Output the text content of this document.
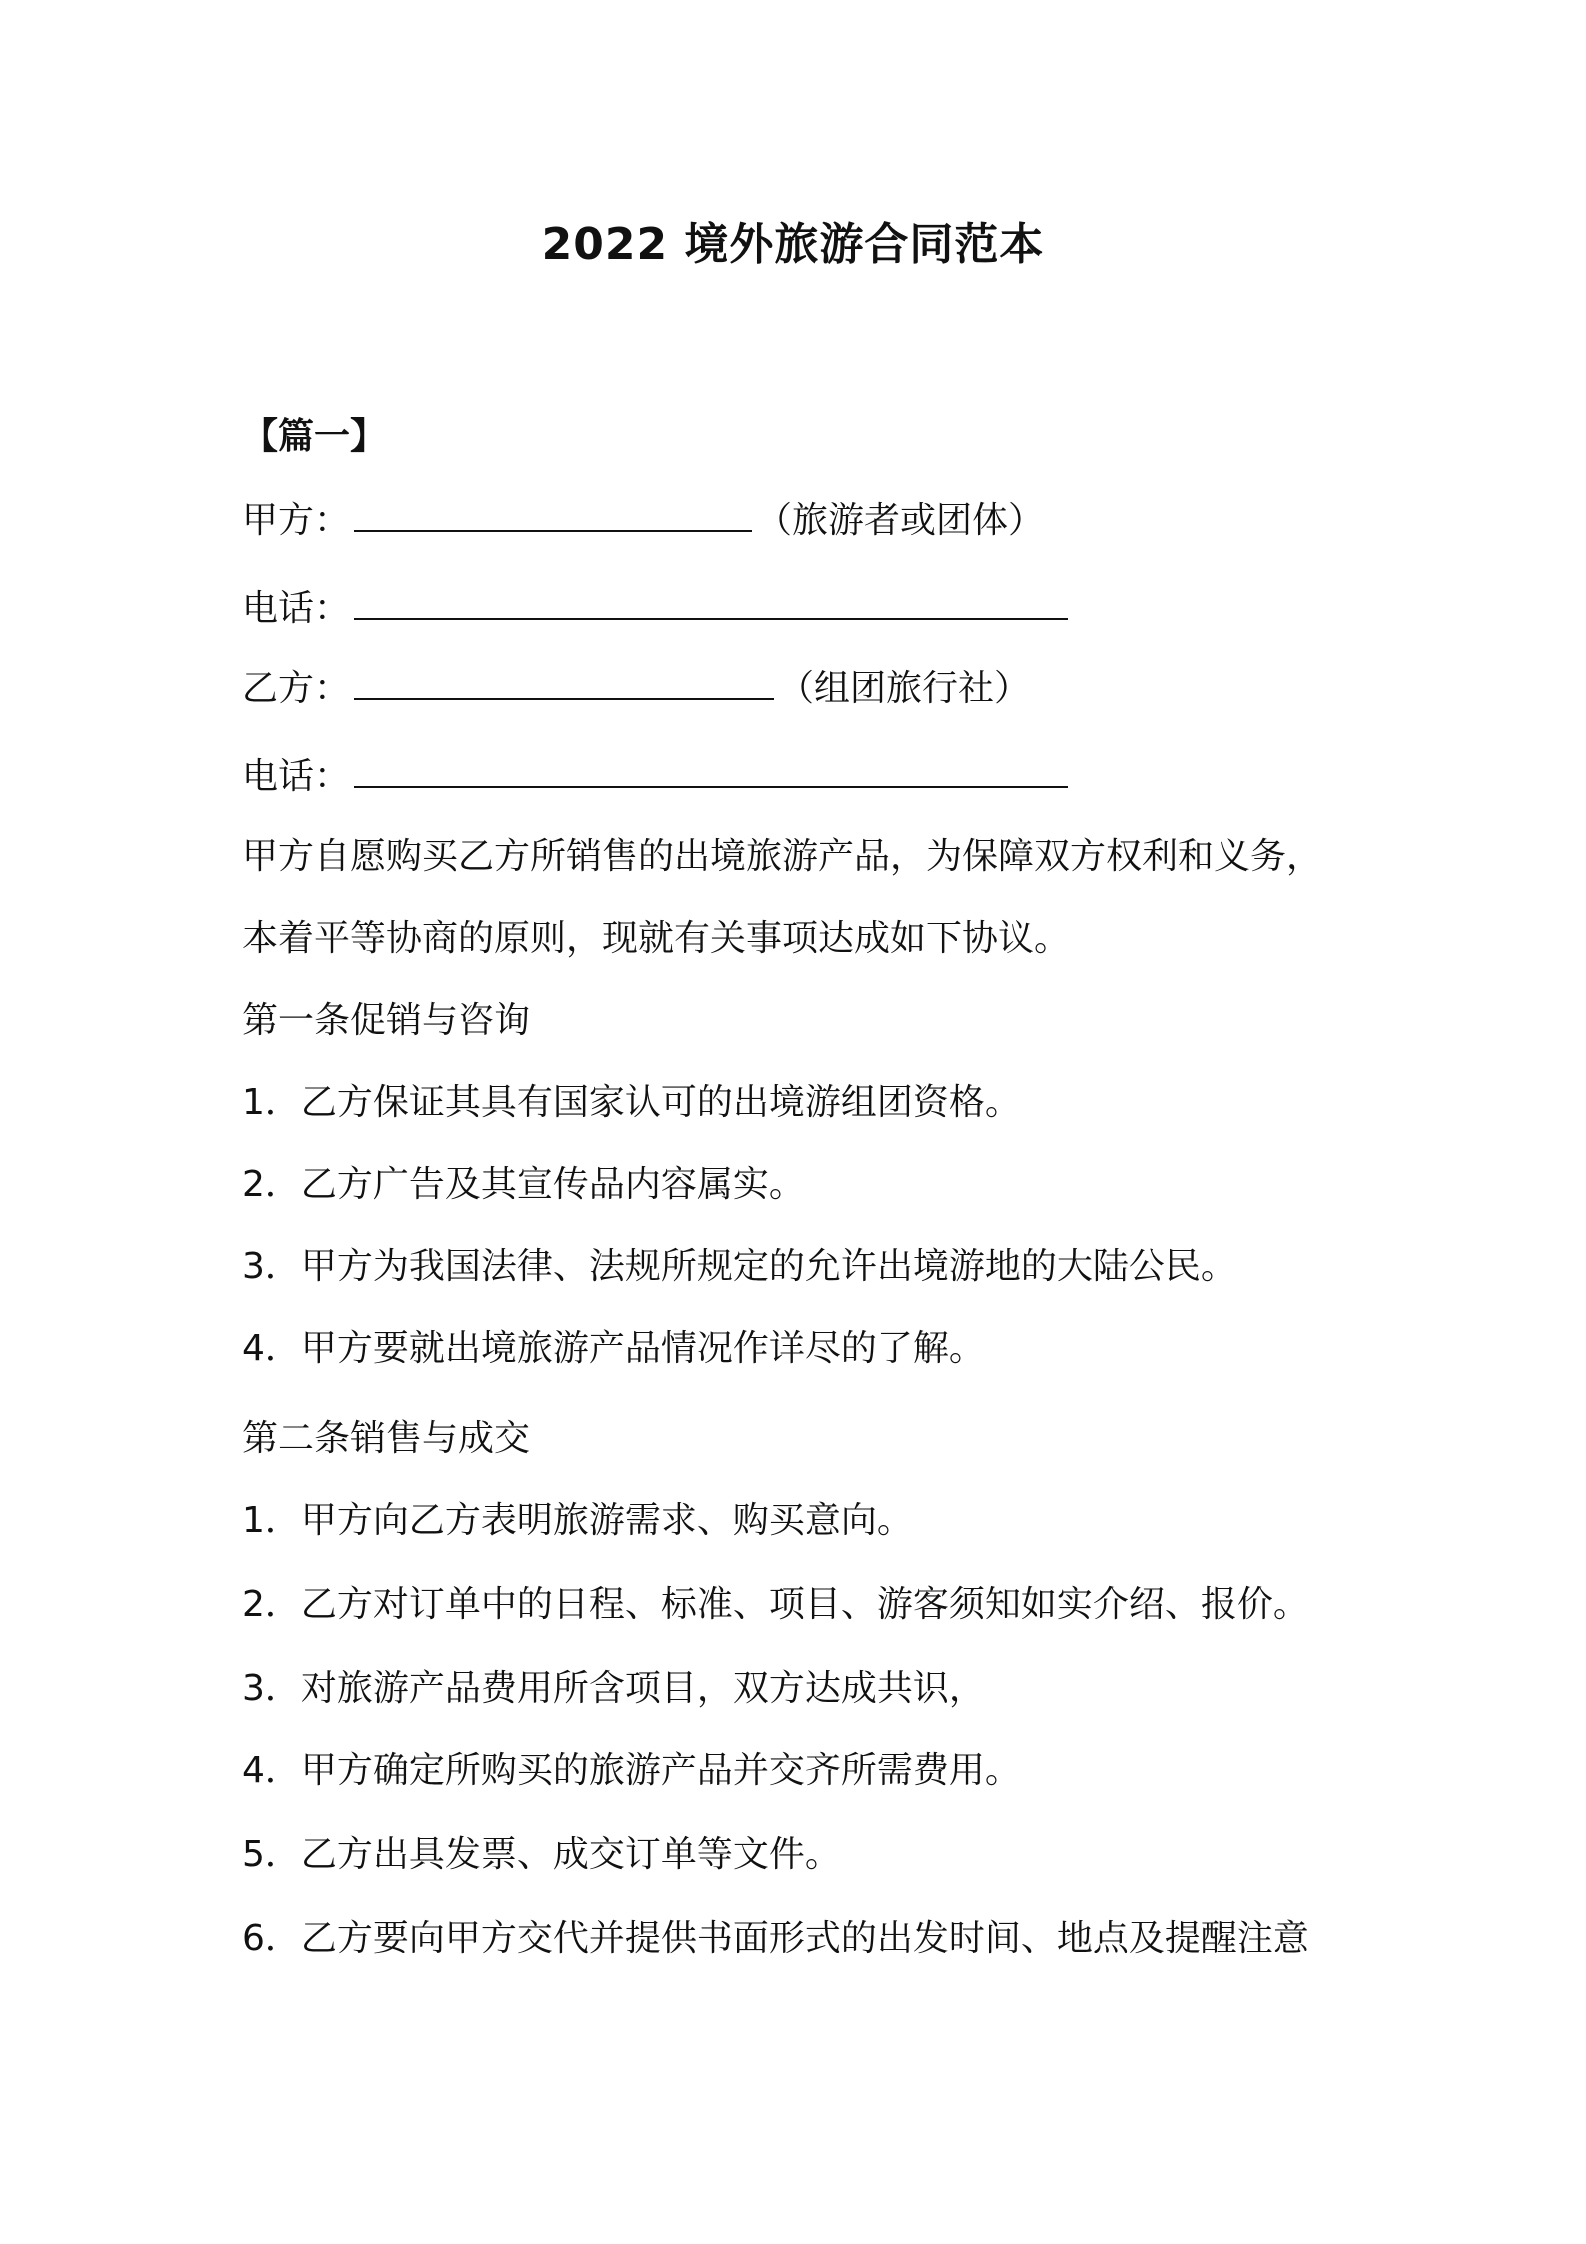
2022 境外旅游合同范本
【篇一】
甲方：	（旅游者或团体）
电话：
乙方：	（组团旅行社）
电话：
甲方自愿购买乙方所销售的出境旅游产品，为保障双方权利和义务，
本着平等协商的原则，现就有关事项达成如下协议。
第一条促销与咨询
1．乙方保证其具有国家认可的出境游组团资格。
2．乙方广告及其宣传品内容属实。
3．甲方为我国法律、法规所规定的允许出境游地的大陆公民。
4．甲方要就出境旅游产品情况作详尽的了解。
第二条销售与成交
1．甲方向乙方表明旅游需求、购买意向。
2．乙方对订单中的日程、标准、项目、游客须知如实介绍、报价。
3．对旅游产品费用所含项目，双方达成共识，
4．甲方确定所购买的旅游产品并交齐所需费用。
5．乙方出具发票、成交订单等文件。
6．乙方要向甲方交代并提供书面形式的出发时间、地点及提醒注意
